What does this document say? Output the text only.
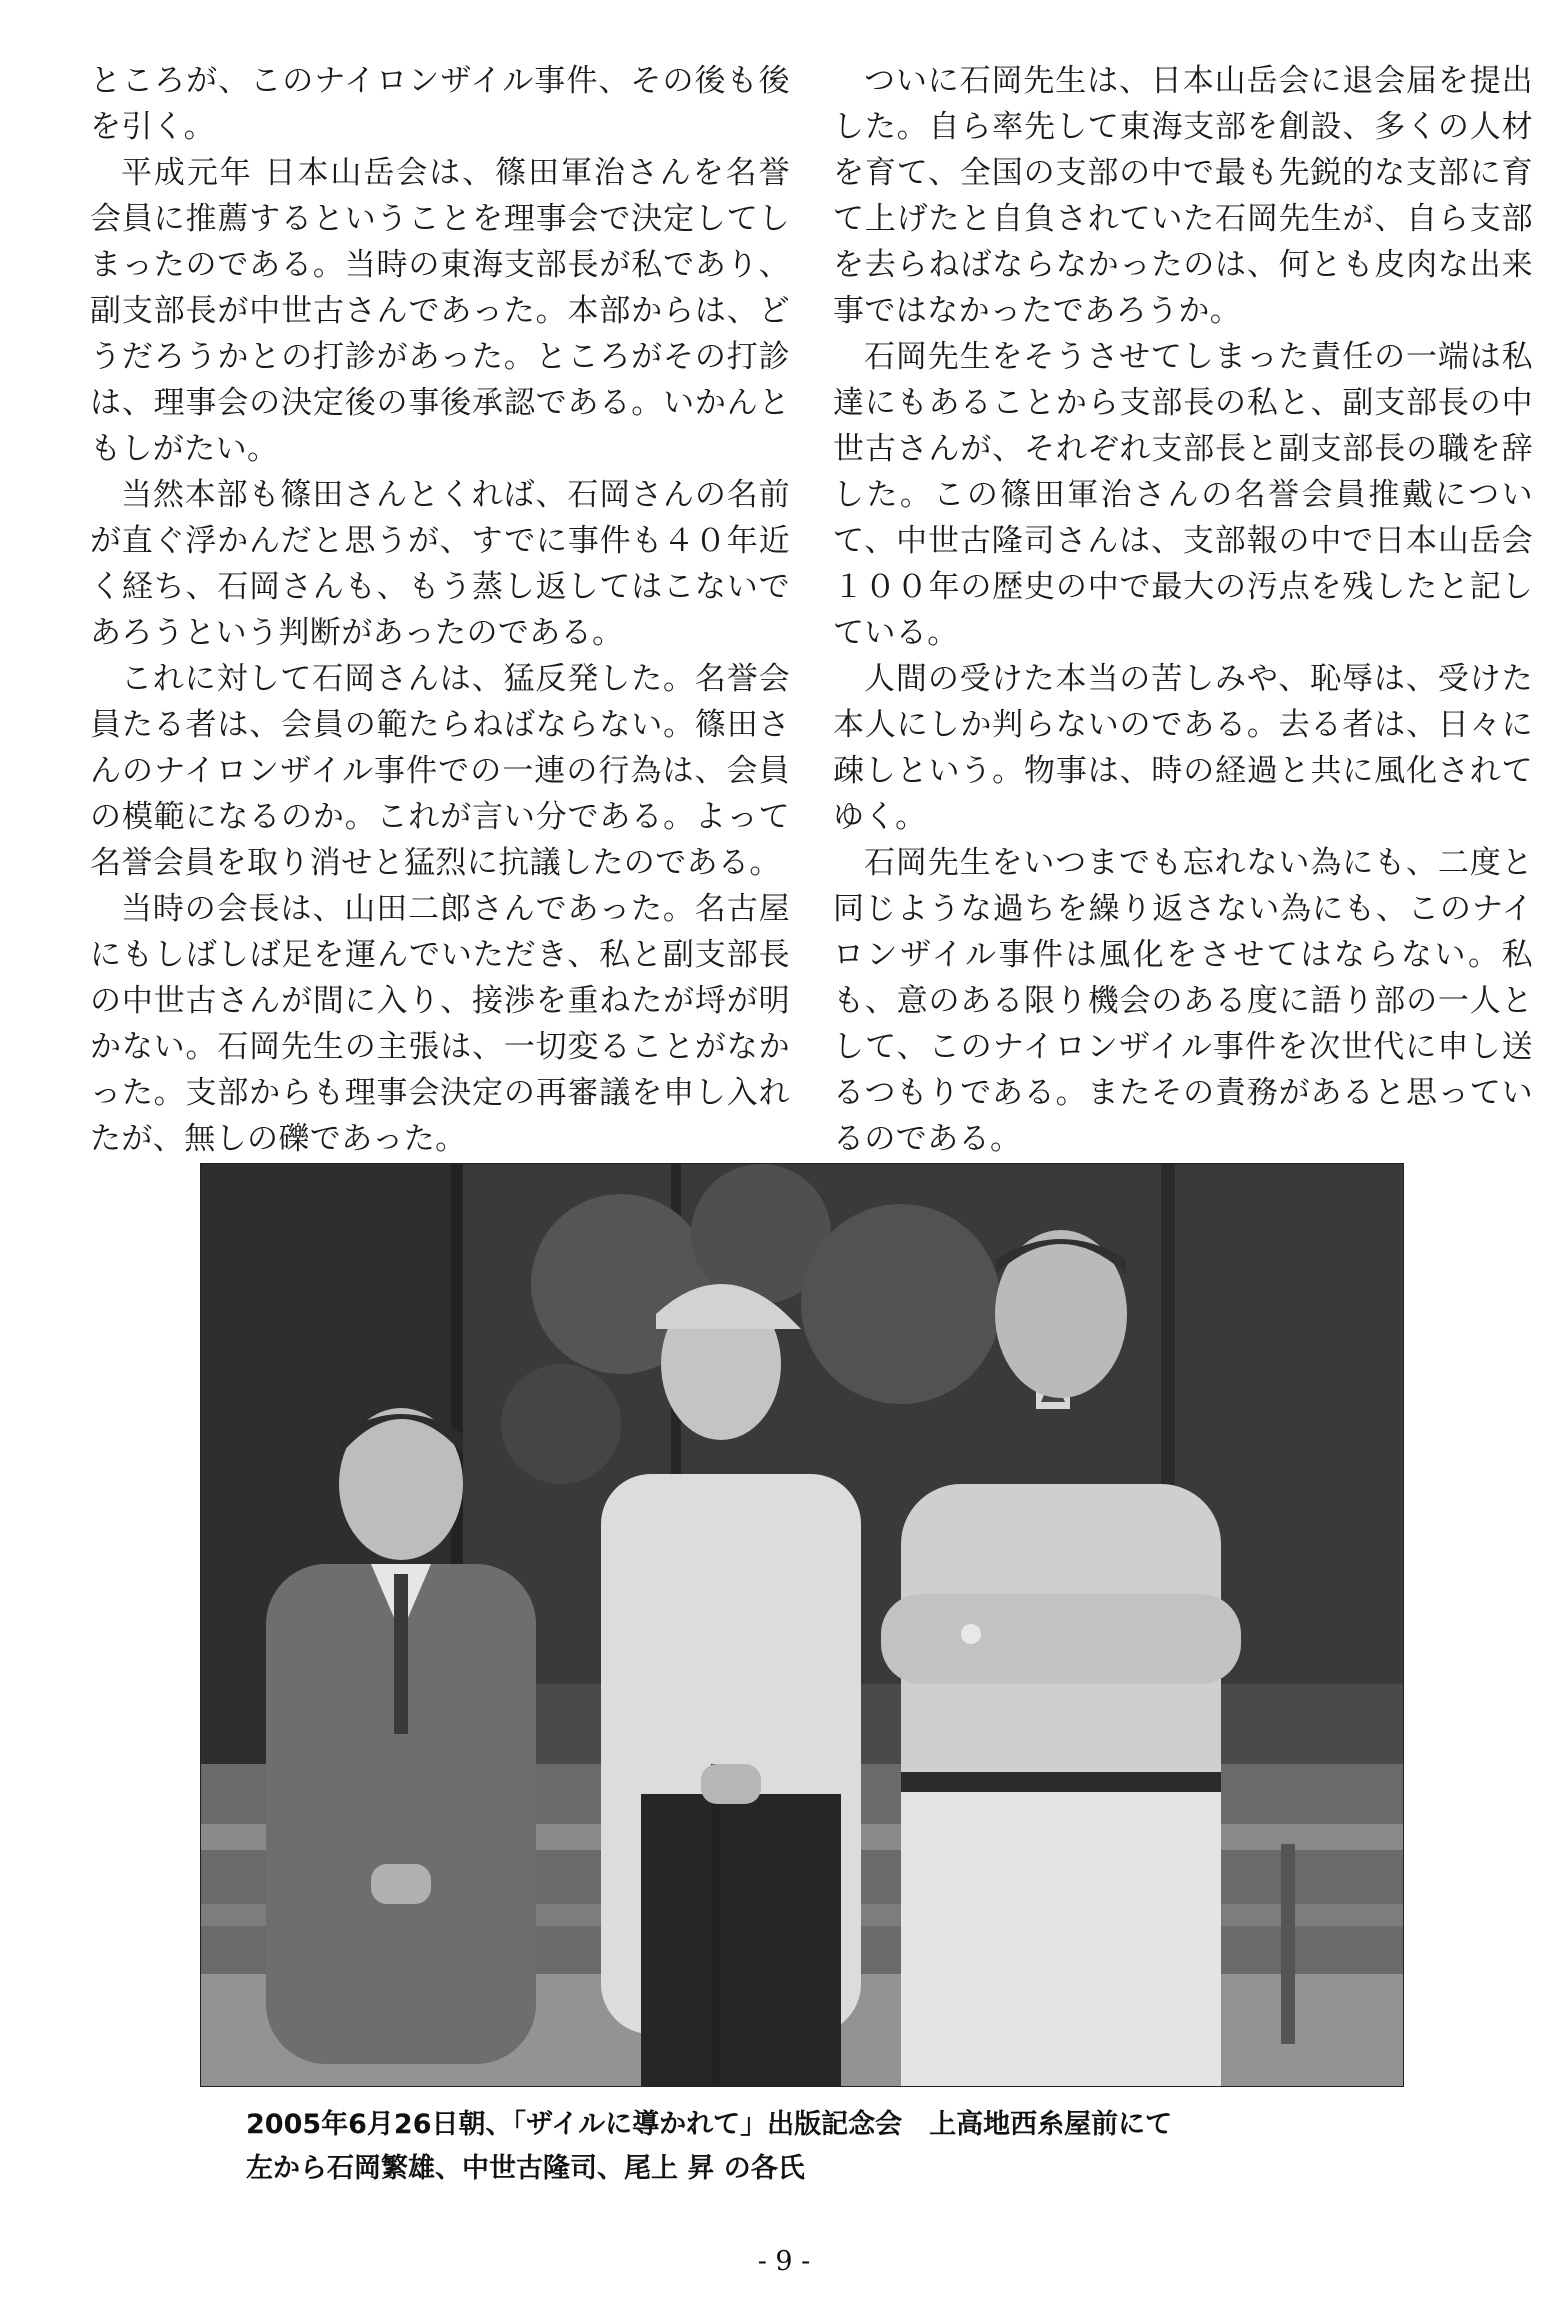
ところが、このナイロンザイル事件、その後も後を引く。

平成元年 日本山岳会は、篠田軍治さんを名誉会員に推薦するということを理事会で決定してしまったのである。当時の東海支部長が私であり、副支部長が中世古さんであった。本部からは、どうだろうかとの打診があった。ところがその打診は、理事会の決定後の事後承認である。いかんともしがたい。

当然本部も篠田さんとくれば、石岡さんの名前が直ぐ浮かんだと思うが、すでに事件も４０年近く経ち、石岡さんも、もう蒸し返してはこないであろうという判断があったのである。

これに対して石岡さんは、猛反発した。名誉会員たる者は、会員の範たらねばならない。篠田さんのナイロンザイル事件での一連の行為は、会員の模範になるのか。これが言い分である。よって名誉会員を取り消せと猛烈に抗議したのである。

当時の会長は、山田二郎さんであった。名古屋にもしばしば足を運んでいただき、私と副支部長の中世古さんが間に入り、接渉を重ねたが埒が明かない。石岡先生の主張は、一切変ることがなかった。支部からも理事会決定の再審議を申し入れたが、無しの礫であった。

ついに石岡先生は、日本山岳会に退会届を提出した。自ら率先して東海支部を創設、多くの人材を育て、全国の支部の中で最も先鋭的な支部に育て上げたと自負されていた石岡先生が、自ら支部を去らねばならなかったのは、何とも皮肉な出来事ではなかったであろうか。

石岡先生をそうさせてしまった責任の一端は私達にもあることから支部長の私と、副支部長の中世古さんが、それぞれ支部長と副支部長の職を辞した。この篠田軍治さんの名誉会員推戴について、中世古隆司さんは、支部報の中で日本山岳会１００年の歴史の中で最大の汚点を残したと記している。

人間の受けた本当の苦しみや、恥辱は、受けた本人にしか判らないのである。去る者は、日々に疎しという。物事は、時の経過と共に風化されてゆく。

石岡先生をいつまでも忘れない為にも、二度と同じような過ちを繰り返さない為にも、このナイロンザイル事件は風化をさせてはならない。私も、意のある限り機会のある度に語り部の一人として、このナイロンザイル事件を次世代に申し送るつもりである。またその責務があると思っているのである。

2005年6月26日朝、「ザイルに導かれて」出版記念会　上高地西糸屋前にて
左から石岡繁雄、中世古隆司、尾上 昇 の各氏
- 9 -
